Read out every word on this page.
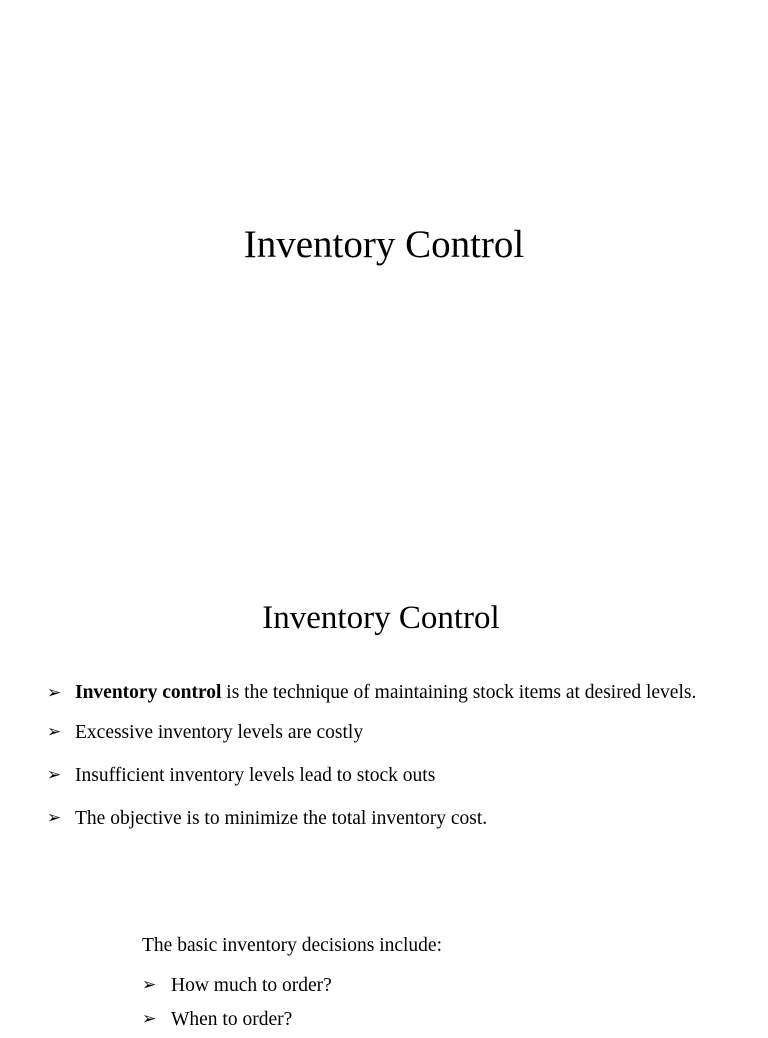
Inventory Control
Inventory Control
➢ Inventory control is the technique of maintaining stock items at desired levels.
➢ Excessive inventory levels are costly
➢ Insufficient inventory levels lead to stock outs
➢ The objective is to minimize the total inventory cost.
The basic inventory decisions include:
➢ How much to order?
➢ When to order?
